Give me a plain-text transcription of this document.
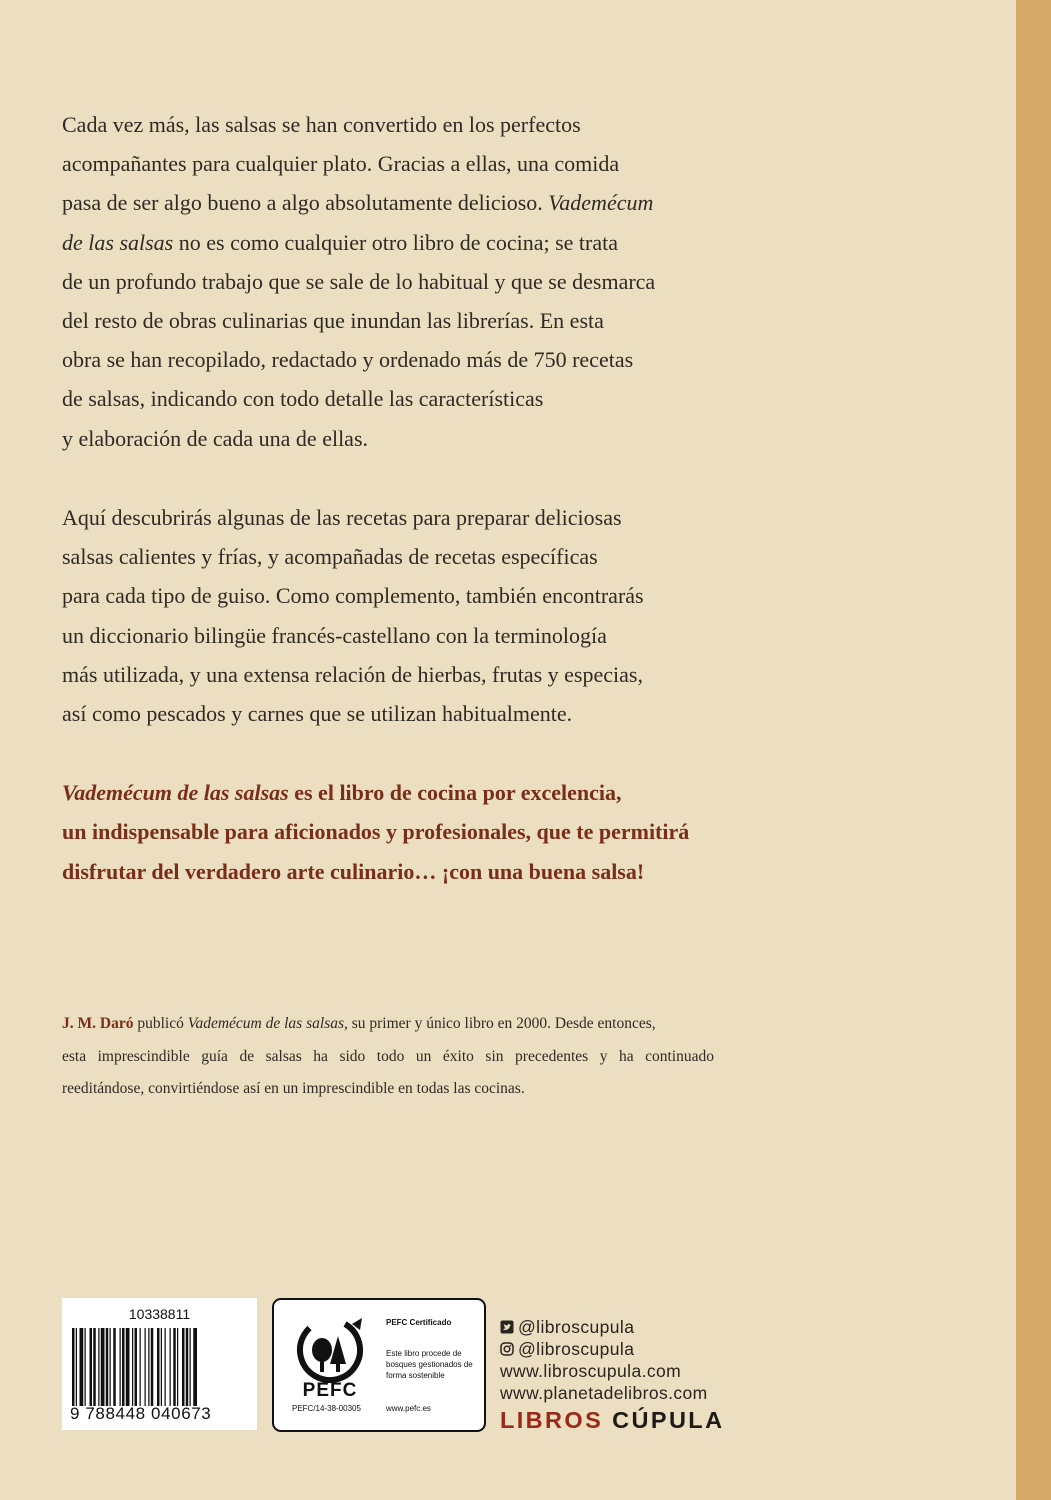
Cada vez más, las salsas se han convertido en los perfectos
acompañantes para cualquier plato. Gracias a ellas, una comida
pasa de ser algo bueno a algo absolutamente delicioso. Vademécum
de las salsas no es como cualquier otro libro de cocina; se trata
de un profundo trabajo que se sale de lo habitual y que se desmarca
del resto de obras culinarias que inundan las librerías. En esta
obra se han recopilado, redactado y ordenado más de 750 recetas
de salsas, indicando con todo detalle las características
y elaboración de cada una de ellas.
Aquí descubrirás algunas de las recetas para preparar deliciosas
salsas calientes y frías, y acompañadas de recetas específicas
para cada tipo de guiso. Como complemento, también encontrarás
un diccionario bilingüe francés-castellano con la terminología
más utilizada, y una extensa relación de hierbas, frutas y especias,
así como pescados y carnes que se utilizan habitualmente.
Vademécum de las salsas es el libro de cocina por excelencia,
un indispensable para aficionados y profesionales, que te permitirá
disfrutar del verdadero arte culinario… ¡con una buena salsa!
J. M. Daró publicó Vademécum de las salsas, su primer y único libro en 2000. Desde entonces,
esta imprescindible guía de salsas ha sido todo un éxito sin precedentes y ha continuado
reeditándose, convirtiéndose así en un imprescindible en todas las cocinas.
10338811
9 788448 040673
PEFC
PEFC Certificado
Este libro procede de bosques gestionados de forma sostenible
PEFC/14-38-00305	www.pefc.es
@libroscupula
@libroscupula
www.libroscupula.com
www.planetadelibros.com
LIBROS CÚPULA
